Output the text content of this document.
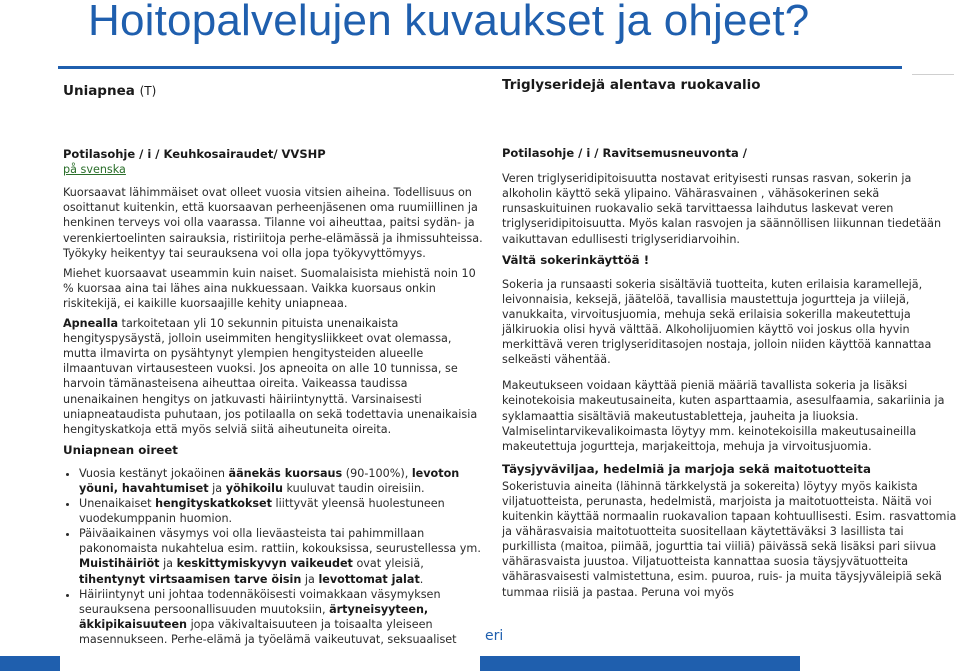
Hoitopalvelujen kuvaukset ja ohjeet?

Uniapnea (T)

Potilasohje / i / Keuhkosairaudet/ VVSHP

på svenska

Kuorsaavat lähimmäiset ovat olleet vuosia vitsien aiheina. Todellisuus on osoittanut kuitenkin, että kuorsaavan perheenjäsenen oma ruumiillinen ja henkinen terveys voi olla vaarassa. Tilanne voi aiheuttaa, paitsi sydän- ja verenkiertoelinten sairauksia, ristiriitoja perhe-elämässä ja ihmissuhteissa. Työkyky heikentyy tai seurauksena voi olla jopa työkyvyttömyys.

Miehet kuorsaavat useammin kuin naiset. Suomalaisista miehistä noin 10 % kuorsaa aina tai lähes aina nukkuessaan. Vaikka kuorsaus onkin riskitekijä, ei kaikille kuorsaajille kehity uniapneaa.

Apnealla tarkoitetaan yli 10 sekunnin pituista unenaikaista hengityspysäystä, jolloin useimmiten hengitysliikkeet ovat olemassa, mutta ilmavirta on pysähtynyt ylempien hengitysteiden alueelle ilmaantuvan virtausesteen vuoksi. Jos apneoita on alle 10 tunnissa, se harvoin tämänasteisena aiheuttaa oireita. Vaikeassa taudissa unenaikainen hengitys on jatkuvasti häiriintynyttä. Varsinaisesti uniapneataudista puhutaan, jos potilaalla on sekä todettavia unenaikaisia hengityskatkoja että myös selviä siitä aiheutuneita oireita.

Uniapnean oireet

• Vuosia kestänyt jokaöinen äänekäs kuorsaus (90-100%), levoton yöuni, havahtumiset ja yöhikoilu kuuluvat taudin oireisiin.
• Unenaikaiset hengityskatkokset liittyvät yleensä huolestuneen vuodekumppanin huomion.
• Päiväaikainen väsymys voi olla lieväasteista tai pahimmillaan pakonomaista nukahtelua esim. rattiin, kokouksissa, seurustellessa ym. Muistihäiriöt ja keskittymiskyvyn vaikeudet ovat yleisiä, tihentynyt virtsaamisen tarve öisin ja levottomat jalat.
• Häiriintynyt uni johtaa todennäköisesti voimakkaan väsymyksen seurauksena persoonallisuuden muutoksiin, ärtyneisyyteen, äkkipikaisuuteen jopa väkivaltaisuuteen ja toisaalta yleiseen masennukseen. Perhe-elämä ja työelämä vaikeutuvat, seksuaaliset

Triglyseridejä alentava ruokavalio

Potilasohje / i / Ravitsemusneuvonta /

Veren triglyseridipitoisuutta nostavat erityisesti runsas rasvan, sokerin ja alkoholin käyttö sekä ylipaino. Vähärasvainen , vähäsokerinen sekä runsaskuituinen ruokavalio sekä tarvittaessa laihdutus laskevat veren triglyseridipitoisuutta. Myös kalan rasvojen ja säännöllisen liikunnan tiedetään vaikuttavan edullisesti triglyseridiarvoihin.

Vältä sokerinkäyttöä !

Sokeria ja runsaasti sokeria sisältäviä tuotteita, kuten erilaisia karamellejä, leivonnaisia, keksejä, jäätelöä, tavallisia maustettuja jogurtteja ja viilejä, vanukkaita, virvoitusjuomia, mehuja sekä erilaisia sokerilla makeutettuja jälkiruokia olisi hyvä välttää. Alkoholijuomien käyttö voi joskus olla hyvin merkittävä veren triglyseriditasojen nostaja, jolloin niiden käyttöä kannattaa selkeästi vähentää.

Makeutukseen voidaan käyttää pieniä määriä tavallista sokeria ja lisäksi keinotekoisia makeutusaineita, kuten asparttaamia, asesulfaamia, sakariinia ja syklamaattia sisältäviä makeutustabletteja, jauheita ja liuoksia. Valmiselintarvikevalikoimasta löytyy mm. keinotekoisilla makeutusaineilla makeutettuja jogurtteja, marjakeittoja, mehuja ja virvoitusjuomia.

Täysjyväviljaa, hedelmiä ja marjoja sekä maitotuotteita

Sokeristuvia aineita (lähinnä tärkkelystä ja sokereita) löytyy myös kaikista viljatuotteista, perunasta, hedelmistä, marjoista ja maitotuotteista. Näitä voi kuitenkin käyttää normaalin ruokavalion tapaan kohtuullisesti. Esim. rasvattomia ja vähärasvaisia maitotuotteita suositellaan käytettäväksi 3 lasillista tai purkillista (maitoa, piimää, jogurttia tai viiliä) päivässä sekä lisäksi pari siivua vähärasvaista juustoa. Viljatuotteista kannattaa suosia täysjyvätuotteita vähärasvaisesti valmistettuna, esim. puuroa, ruis- ja muita täysjyväleipiä sekä tummaa riisiä ja pastaa. Peruna voi myös

eri
